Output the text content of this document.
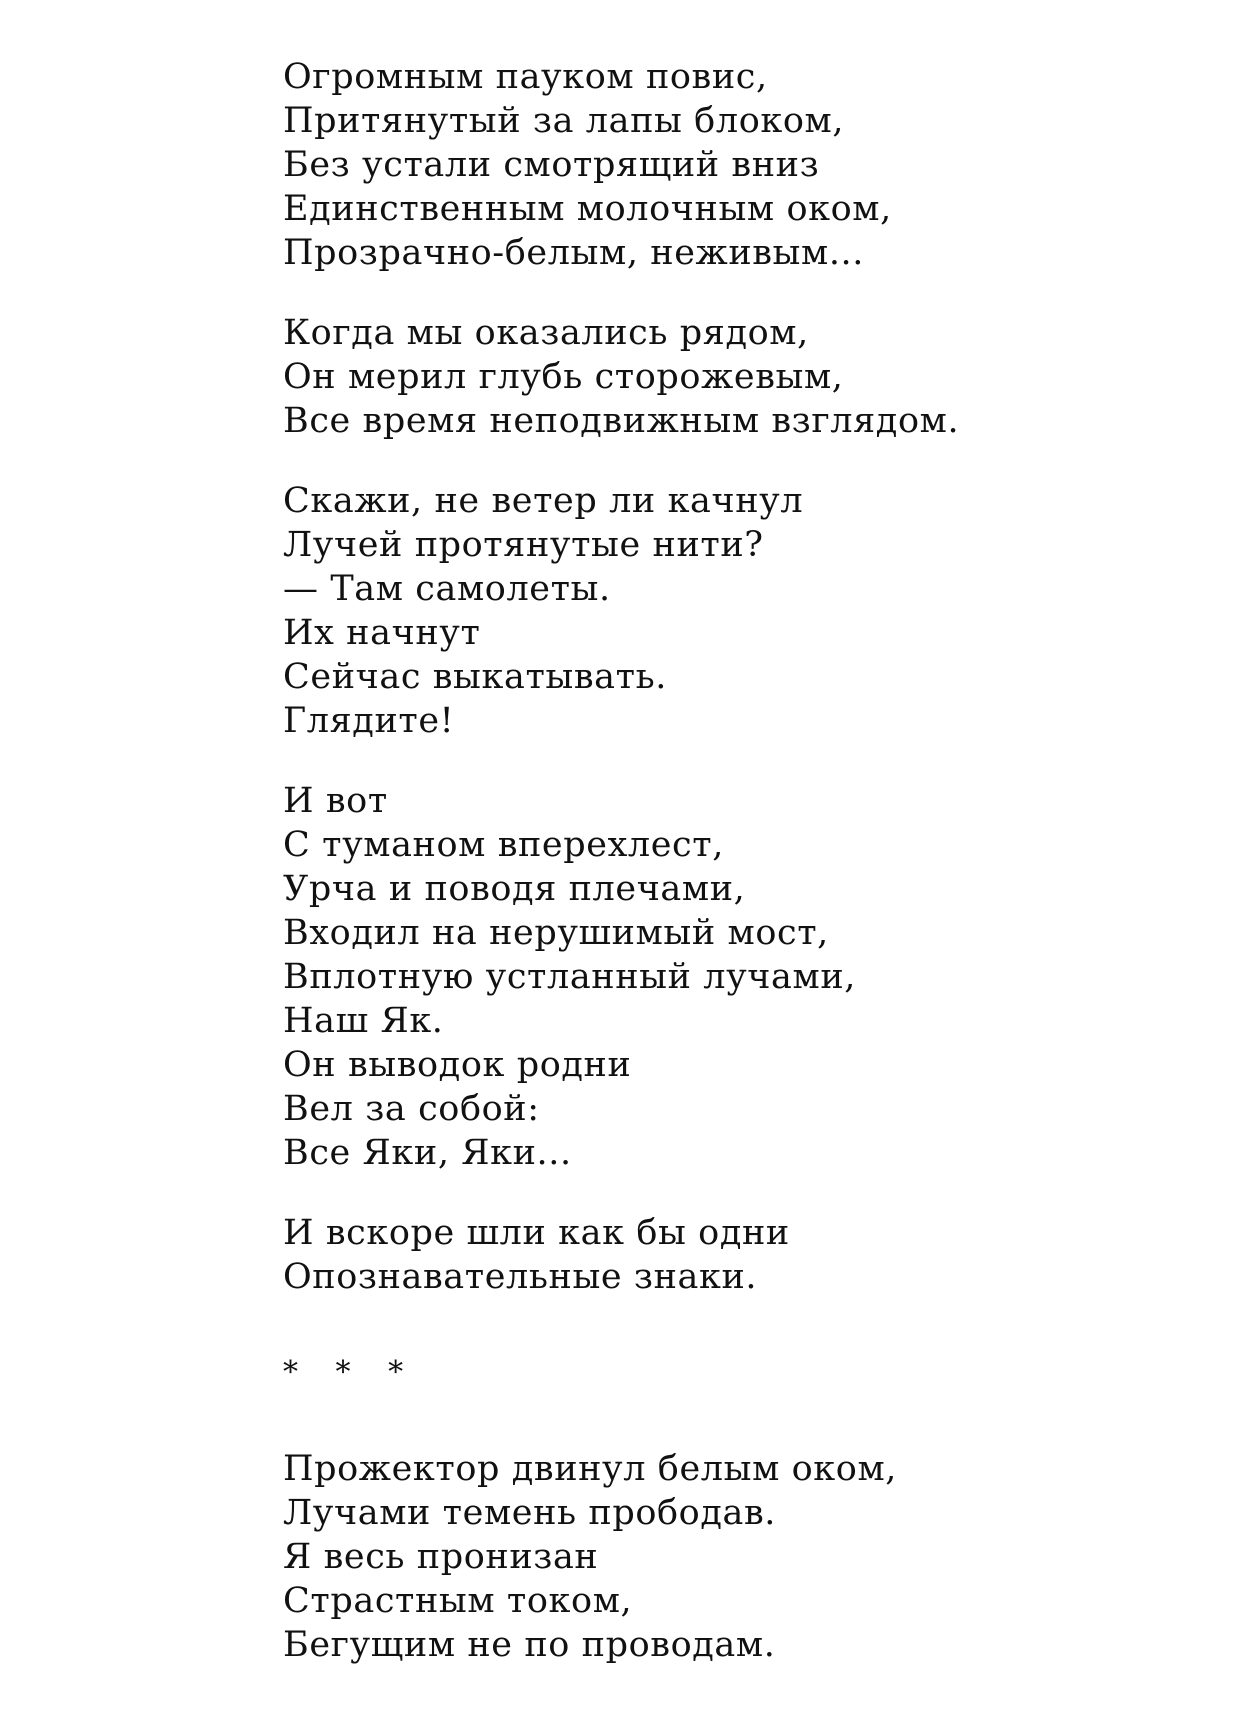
Огромным пауком повис,
Притянутый за лапы блоком,
Без устали смотрящий вниз
Единственным молочным оком,
Прозрачно-белым, неживым...
Когда мы оказались рядом,
Он мерил глубь сторожевым,
Все время неподвижным взглядом.
Скажи, не ветер ли качнул
Лучей протянутые нити?
— Там самолеты.
Их начнут
Сейчас выкатывать.
Глядите!
И вот
С туманом вперехлест,
Урча и поводя плечами,
Входил на нерушимый мост,
Вплотную устланный лучами,
Наш Як.
Он выводок родни
Вел за собой:
Все Яки, Яки...
И вскоре шли как бы одни
Опознавательные знаки.
* * *
Прожектор двинул белым оком,
Лучами темень прободав.
Я весь пронизан
Страстным током,
Бегущим не по проводам.
